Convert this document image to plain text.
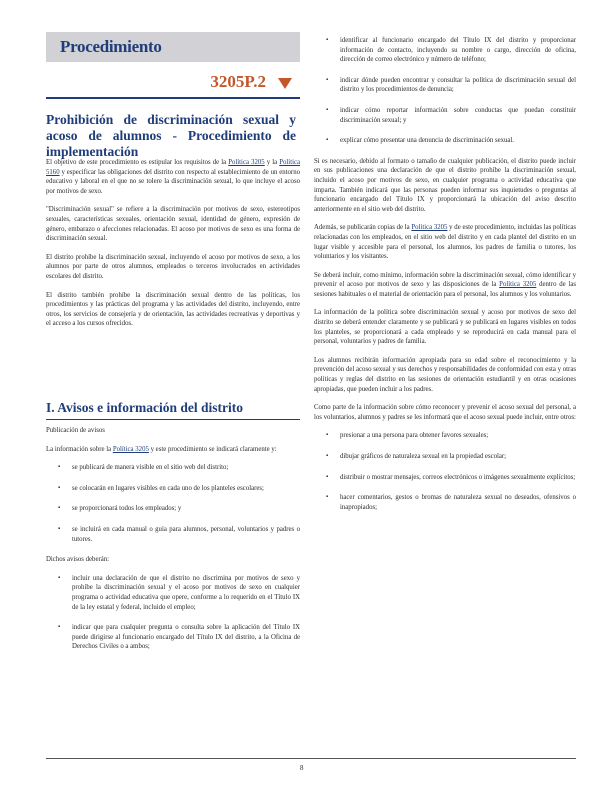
Procedimiento
3205P.2
Prohibición de discriminación sexual y acoso de alumnos - Procedimiento de implementación

El objetivo de este procedimiento es estipular los requisitos de la Política 3205 y la Política 5160 y especificar las obligaciones del distrito con respecto al establecimiento de un entorno educativo y laboral en el que no se tolere la discriminación sexual, lo que incluye el acoso por motivos de sexo.

"Discriminación sexual" se refiere a la discriminación por motivos de sexo, estereotipos sexuales, características sexuales, orientación sexual, identidad de género, expresión de género, embarazo o afecciones relacionadas. El acoso por motivos de sexo es una forma de discriminación sexual.

El distrito prohíbe la discriminación sexual, incluyendo el acoso por motivos de sexo, a los alumnos por parte de otros alumnos, empleados o terceros involucrados en actividades escolares del distrito.

El distrito también prohíbe la discriminación sexual dentro de las políticas, los procedimientos y las prácticas del programa y las actividades del distrito, incluyendo, entre otros, los servicios de consejería y de orientación, las actividades recreativas y deportivas y el acceso a los cursos ofrecidos.

I. Avisos e información del distrito

Publicación de avisos

La información sobre la Política 3205 y este procedimiento se indicará claramente y:

▪ se publicará de manera visible en el sitio web del distrito;
▪ se colocarán en lugares visibles en cada uno de los planteles escolares;
▪ se proporcionará todos los empleados; y
▪ se incluirá en cada manual o guía para alumnos, personal, voluntarios y padres o tutores.

Dichos avisos deberán:

▪ incluir una declaración de que el distrito no discrimina por motivos de sexo y prohíbe la discriminación sexual y el acoso por motivos de sexo en cualquier programa o actividad educativa que opere, conforme a lo requerido en el Título IX de la ley estatal y federal, incluido el empleo;
▪ indicar que para cualquier pregunta o consulta sobre la aplicación del Título IX puede dirigirse al funcionario encargado del Título IX del distrito, a la Oficina de Derechos Civiles o a ambos;
▪ identificar al funcionario encargado del Título IX del distrito y proporcionar información de contacto, incluyendo su nombre o cargo, dirección de oficina, dirección de correo electrónico y número de teléfono;
▪ indicar dónde pueden encontrar y consultar la política de discriminación sexual del distrito y los procedimientos de denuncia;
▪ indicar cómo reportar información sobre conductas que puedan constituir discriminación sexual; y
▪ explicar cómo presentar una denuncia de discriminación sexual.

Si es necesario, debido al formato o tamaño de cualquier publicación, el distrito puede incluir en sus publicaciones una declaración de que el distrito prohíbe la discriminación sexual, incluido el acoso por motivos de sexo, en cualquier programa o actividad educativa que imparta. También indicará que las personas pueden informar sus inquietudes o preguntas al funcionario encargado del Título IX y proporcionará la ubicación del aviso descrito anteriormente en el sitio web del distrito.

Además, se publicarán copias de la Política 3205 y de este procedimiento, incluidas las políticas relacionadas con los empleados, en el sitio web del distrito y en cada plantel del distrito en un lugar visible y accesible para el personal, los alumnos, los padres de familia o tutores, los voluntarios y los visitantes.

Se deberá incluir, como mínimo, información sobre la discriminación sexual, cómo identificar y prevenir el acoso por motivos de sexo y las disposiciones de la Política 3205 dentro de las sesiones habituales o el material de orientación para el personal, los alumnos y los voluntarios.

La información de la política sobre discriminación sexual y acoso por motivos de sexo del distrito se deberá entender claramente y se publicará y se publicará en lugares visibles en todos los planteles, se proporcionará a cada empleado y se reproducirá en cada manual para el personal, voluntarios y padres de familia.

Los alumnos recibirán información apropiada para su edad sobre el reconocimiento y la prevención del acoso sexual y sus derechos y responsabilidades de conformidad con esta y otras políticas y reglas del distrito en las sesiones de orientación estudiantil y en otras ocasiones apropiadas, que pueden incluir a los padres.

Como parte de la información sobre cómo reconocer y prevenir el acoso sexual del personal, a los voluntarios, alumnos y padres se les informará que el acoso sexual puede incluir, entre otros:

▪ presionar a una persona para obtener favores sexuales;
▪ dibujar gráficos de naturaleza sexual en la propiedad escolar;
▪ distribuir o mostrar mensajes, correos electrónicos o imágenes sexualmente explícitos;
▪ hacer comentarios, gestos o bromas de naturaleza sexual no deseados, ofensivos o inapropiados;
8
